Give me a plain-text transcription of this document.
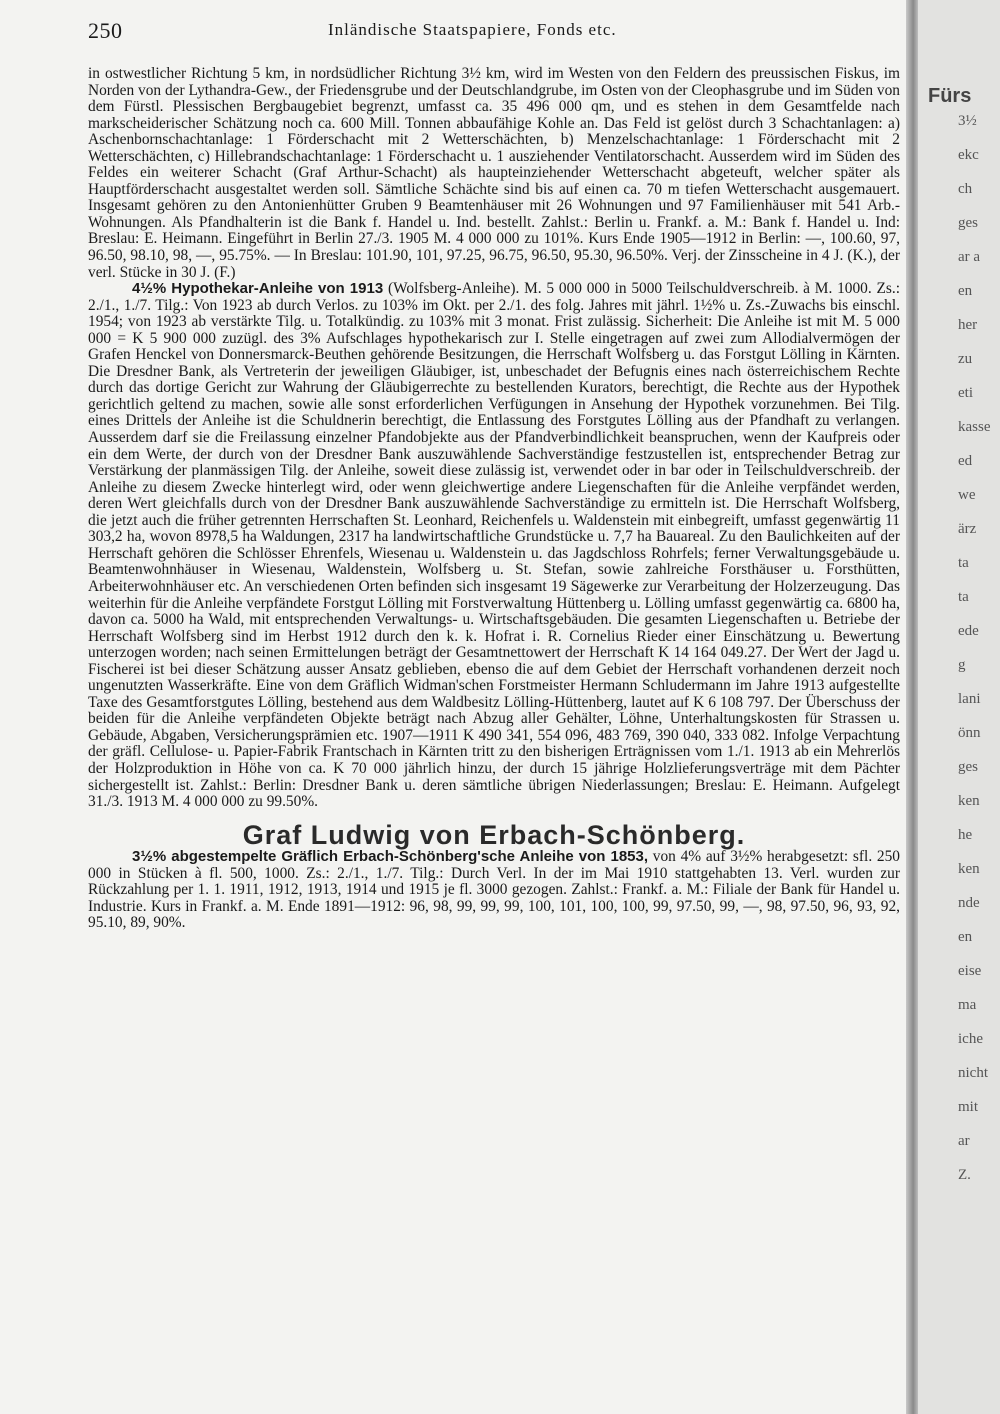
250	Inländische Staatspapiere, Fonds etc.

in ostwestlicher Richtung 5 km, in nordsüdlicher Richtung 3½ km, wird im Westen von den Feldern des preussischen Fiskus, im Norden von der Lythandra-Gew., der Friedensgrube und der Deutschlandgrube, im Osten von der Cleophasgrube und im Süden von dem Fürstl. Plessischen Bergbaugebiet begrenzt, umfasst ca. 35 496 000 qm, und es stehen in dem Gesamtfelde nach markscheiderischer Schätzung noch ca. 600 Mill. Tonnen abbaufähige Kohle an. Das Feld ist gelöst durch 3 Schachtanlagen: a) Aschenbornschachtanlage: 1 Förderschacht mit 2 Wetterschächten, b) Menzelschachtanlage: 1 Förderschacht mit 2 Wetterschächten, c) Hillebrandschachtanlage: 1 Förderschacht u. 1 ausziehender Ventilatorschacht. Ausserdem wird im Süden des Feldes ein weiterer Schacht (Graf Arthur-Schacht) als haupteinziehender Wetterschacht abgeteuft, welcher später als Hauptförderschacht ausgestaltet werden soll. Sämtliche Schächte sind bis auf einen ca. 70 m tiefen Wetterschacht ausgemauert. Insgesamt gehören zu den Antonienhütter Gruben 9 Beamtenhäuser mit 26 Wohnungen und 97 Familienhäuser mit 541 Arb.-Wohnungen. Als Pfandhalterin ist die Bank f. Handel u. Ind. bestellt. Zahlst.: Berlin u. Frankf. a. M.: Bank f. Handel u. Ind: Breslau: E. Heimann. Eingeführt in Berlin 27./3. 1905 M. 4 000 000 zu 101%. Kurs Ende 1905—1912 in Berlin: —, 100.60, 97, 96.50, 98.10, 98, —, 95.75%. — In Breslau: 101.90, 101, 97.25, 96.75, 96.50, 95.30, 96.50%. Verj. der Zinsscheine in 4 J. (K.), der verl. Stücke in 30 J. (F.)

4½% Hypothekar-Anleihe von 1913 (Wolfsberg-Anleihe). M. 5 000 000 in 5000 Teilschuldverschreib. à M. 1000. Zs.: 2./1., 1./7. Tilg.: Von 1923 ab durch Verlos. zu 103% im Okt. per 2./1. des folg. Jahres mit jährl. 1½% u. Zs.-Zuwachs bis einschl. 1954; von 1923 ab verstärkte Tilg. u. Totalkündig. zu 103% mit 3 monat. Frist zulässig. Sicherheit: Die Anleihe ist mit M. 5 000 000 = K 5 900 000 zuzügl. des 3% Aufschlages hypothekarisch zur I. Stelle eingetragen auf zwei zum Allodialvermögen der Grafen Henckel von Donnersmarck-Beuthen gehörende Besitzungen, die Herrschaft Wolfsberg u. das Forstgut Lölling in Kärnten. Die Dresdner Bank, als Vertreterin der jeweiligen Gläubiger, ist, unbeschadet der Befugnis eines nach österreichischem Rechte durch das dortige Gericht zur Wahrung der Gläubigerrechte zu bestellenden Kurators, berechtigt, die Rechte aus der Hypothek gerichtlich geltend zu machen, sowie alle sonst erforderlichen Verfügungen in Ansehung der Hypothek vorzunehmen. Bei Tilg. eines Drittels der Anleihe ist die Schuldnerin berechtigt, die Entlassung des Forstgutes Lölling aus der Pfandhaft zu verlangen. Ausserdem darf sie die Freilassung einzelner Pfandobjekte aus der Pfandverbindlichkeit beanspruchen, wenn der Kaufpreis oder ein dem Werte, der durch von der Dresdner Bank auszuwählende Sachverständige festzustellen ist, entsprechender Betrag zur Verstärkung der planmässigen Tilg. der Anleihe, soweit diese zulässig ist, verwendet oder in bar oder in Teilschuldverschreib. der Anleihe zu diesem Zwecke hinterlegt wird, oder wenn gleichwertige andere Liegenschaften für die Anleihe verpfändet werden, deren Wert gleichfalls durch von der Dresdner Bank auszuwählende Sachverständige zu ermitteln ist. Die Herrschaft Wolfsberg, die jetzt auch die früher getrennten Herrschaften St. Leonhard, Reichenfels u. Waldenstein mit einbegreift, umfasst gegenwärtig 11 303,2 ha, wovon 8978,5 ha Waldungen, 2317 ha landwirtschaftliche Grundstücke u. 7,7 ha Bauareal. Zu den Baulichkeiten auf der Herrschaft gehören die Schlösser Ehrenfels, Wiesenau u. Waldenstein u. das Jagdschloss Rohrfels; ferner Verwaltungsgebäude u. Beamtenwohnhäuser in Wiesenau, Waldenstein, Wolfsberg u. St. Stefan, sowie zahlreiche Forsthäuser u. Forsthütten, Arbeiterwohnhäuser etc. An verschiedenen Orten befinden sich insgesamt 19 Sägewerke zur Verarbeitung der Holzerzeugung. Das weiterhin für die Anleihe verpfändete Forstgut Lölling mit Forstverwaltung Hüttenberg u. Lölling umfasst gegenwärtig ca. 6800 ha, davon ca. 5000 ha Wald, mit entsprechenden Verwaltungs- u. Wirtschaftsgebäuden. Die gesamten Liegenschaften u. Betriebe der Herrschaft Wolfsberg sind im Herbst 1912 durch den k. k. Hofrat i. R. Cornelius Rieder einer Einschätzung u. Bewertung unterzogen worden; nach seinen Ermittelungen beträgt der Gesamtnettowert der Herrschaft K 14 164 049.27. Der Wert der Jagd u. Fischerei ist bei dieser Schätzung ausser Ansatz geblieben, ebenso die auf dem Gebiet der Herrschaft vorhandenen derzeit noch ungenutzten Wasserkräfte. Eine von dem Gräflich Widman'schen Forstmeister Hermann Schludermann im Jahre 1913 aufgestellte Taxe des Gesamtforstgutes Lölling, bestehend aus dem Waldbesitz Lölling-Hüttenberg, lautet auf K 6 108 797. Der Überschuss der beiden für die Anleihe verpfändeten Objekte beträgt nach Abzug aller Gehälter, Löhne, Unterhaltungskosten für Strassen u. Gebäude, Abgaben, Versicherungsprämien etc. 1907—1911 K 490 341, 554 096, 483 769, 390 040, 333 082. Infolge Verpachtung der gräfl. Cellulose- u. Papier-Fabrik Frantschach in Kärnten tritt zu den bisherigen Erträgnissen vom 1./1. 1913 ab ein Mehrerlös der Holzproduktion in Höhe von ca. K 70 000 jährlich hinzu, der durch 15 jährige Holzlieferungsverträge mit dem Pächter sichergestellt ist. Zahlst.: Berlin: Dresdner Bank u. deren sämtliche übrigen Niederlassungen; Breslau: E. Heimann. Aufgelegt 31./3. 1913 M. 4 000 000 zu 99.50%.

Graf Ludwig von Erbach-Schönberg.

3½% abgestempelte Gräflich Erbach-Schönberg'sche Anleihe von 1853, von 4% auf 3½% herabgesetzt: sfl. 250 000 in Stücken à fl. 500, 1000. Zs.: 2./1., 1./7. Tilg.: Durch Verl. In der im Mai 1910 stattgehabten 13. Verl. wurden zur Rückzahlung per 1. 1. 1911, 1912, 1913, 1914 und 1915 je fl. 3000 gezogen. Zahlst.: Frankf. a. M.: Filiale der Bank für Handel u. Industrie. Kurs in Frankf. a. M. Ende 1891—1912: 96, 98, 99, 99, 99, 100, 101, 100, 100, 99, 97.50, 99, —, 98, 97.50, 96, 93, 92, 95.10, 89, 90%.

Fürs
3½
ekc
ch
ges
ar a
en
her
zu
eti
kasse
ed
we
ärz
ta
ta
ede
g
lani
önn
ges
ken
he
ken
nde
en
eise
ma
iche
nicht
mit
ar
Z.
